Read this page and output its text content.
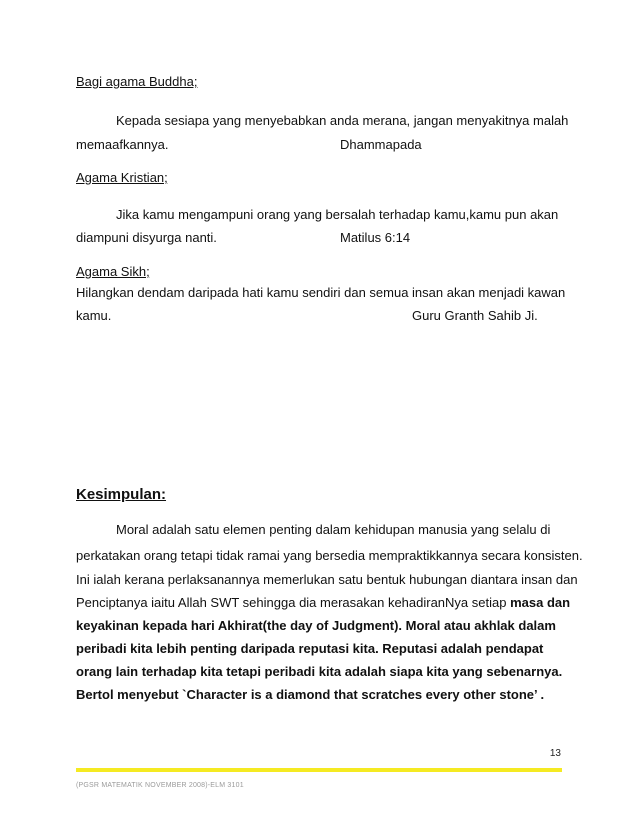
Bagi agama Buddha;
Kepada sesiapa yang menyebabkan anda merana, jangan menyakitnya malah
memaafkannya.	Dhammapada
Agama Kristian;
Jika kamu mengampuni orang yang bersalah terhadap kamu,kamu pun akan
diampuni disyurga nanti.	Matilus 6:14
Agama Sikh;
Hilangkan dendam daripada hati kamu sendiri dan semua insan akan menjadi kawan
kamu.	Guru Granth Sahib Ji.
Kesimpulan:
Moral adalah satu elemen penting dalam kehidupan manusia yang selalu di
perkatakan orang tetapi tidak ramai yang bersedia mempraktikkannya secara konsisten.
Ini ialah kerana perlaksanannya memerlukan satu bentuk hubungan diantara insan dan
Penciptanya iaitu Allah SWT sehingga dia merasakan kehadiranNya setiap masa dan
keyakinan kepada hari Akhirat(the day of Judgment). Moral atau akhlak dalam
peribadi kita lebih penting daripada reputasi kita. Reputasi adalah pendapat
orang lain terhadap kita tetapi peribadi kita adalah siapa kita yang sebenarnya.
Bertol menyebut `Character is a diamond that scratches every other stone’ .
13
(PGSR MATEMATIK NOVEMBER 2008)-ELM 3101
